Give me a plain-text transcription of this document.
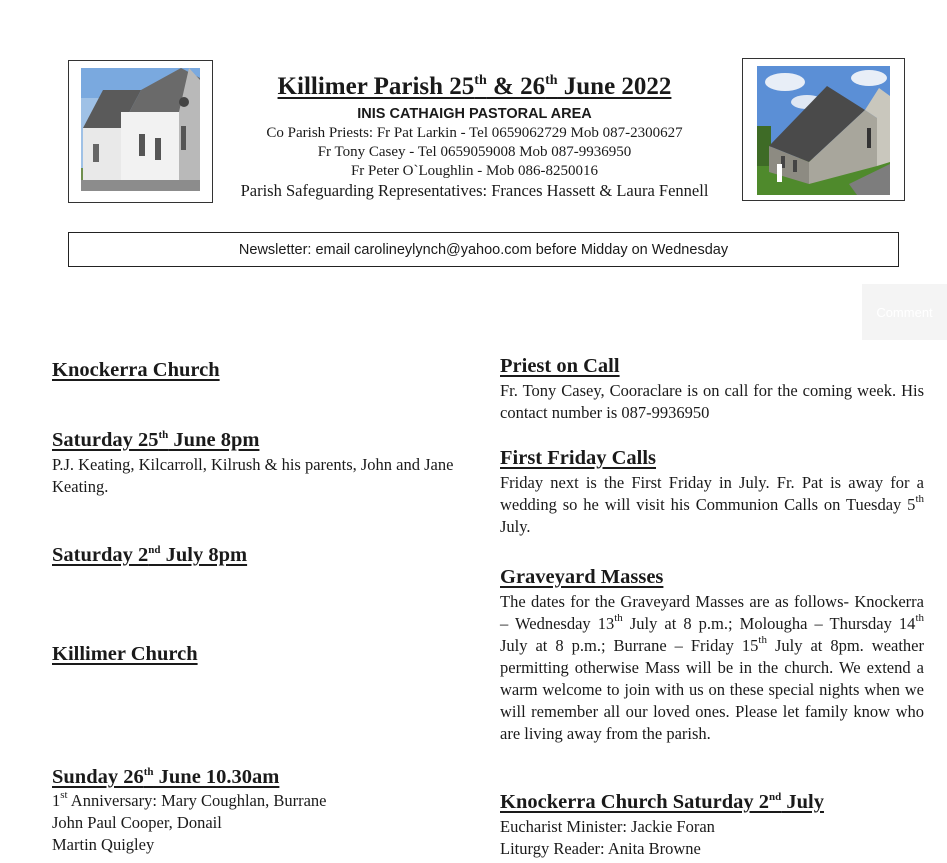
Killimer Parish 25th & 26th June 2022
INIS CATHAIGH PASTORAL AREA
Co Parish Priests: Fr Pat Larkin - Tel 0659062729 Mob 087-2300627
Fr Tony Casey - Tel 0659059008 Mob 087-9936950
Fr Peter O`Loughlin - Mob 086-8250016
Parish Safeguarding Representatives: Frances Hassett & Laura Fennell
Newsletter: email carolineylynch@yahoo.com before Midday on Wednesday
Comment
Knockerra Church
Saturday 25th June 8pm
P.J. Keating, Kilcarroll, Kilrush & his parents, John and Jane Keating.
Saturday 2nd July 8pm
Killimer Church
Sunday 26th June 10.30am
1st Anniversary: Mary Coughlan, Burrane
John Paul Cooper, Donail
Martin Quigley
Priest on Call
Fr. Tony Casey, Cooraclare is on call for the coming week. His contact number is 087-9936950
First Friday Calls
Friday next is the First Friday in July. Fr. Pat is away for a wedding so he will visit his Communion Calls on Tuesday 5th July.
Graveyard Masses
The dates for the Graveyard Masses are as follows- Knockerra – Wednesday 13th July at 8 p.m.; Molougha – Thursday 14th July at 8 p.m.; Burrane – Friday 15th July at 8pm. weather permitting otherwise Mass will be in the church. We extend a warm welcome to join with us on these special nights when we will remember all our loved ones. Please let family know who are living away from the parish.
Knockerra Church Saturday 2nd July
Eucharist Minister: Jackie Foran
Liturgy Reader: Anita Browne
